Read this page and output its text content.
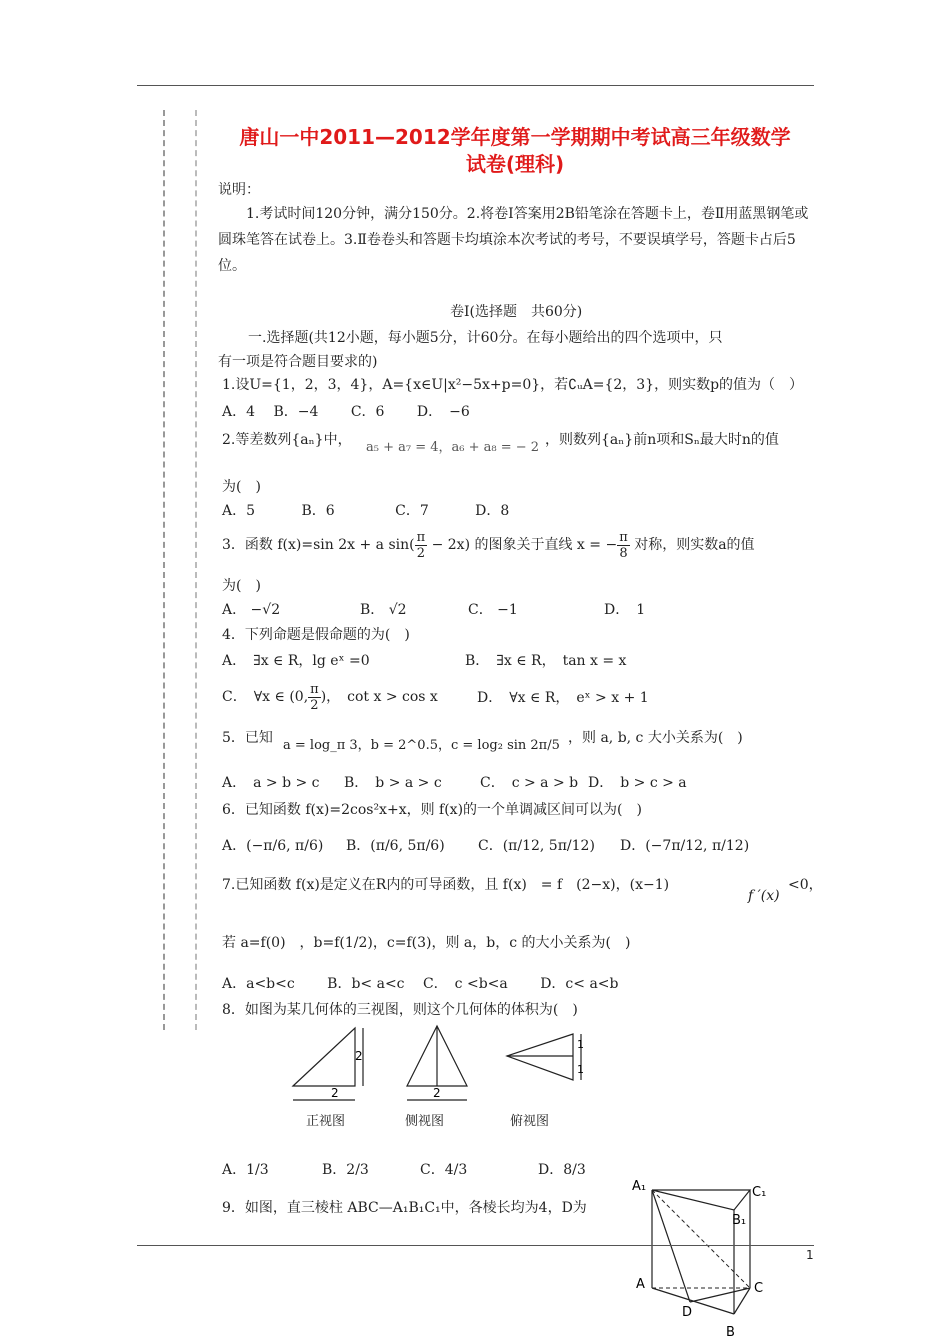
唐山一中2011—2012学年度第一学期期中考试高三年级数学
试卷(理科)
说明：
1.考试时间120分钟，满分150分。2.将卷Ⅰ答案用2B铅笔涂在答题卡上，卷Ⅱ用蓝黑钢笔或圆珠笔答在试卷上。3.Ⅱ卷卷头和答题卡均填涂本次考试的考号，不要误填学号，答题卡占后5位。
卷Ⅰ(选择题　共60分)
一.选择题(共12小题，每小题5分，计60分。在每小题给出的四个选项中，只
有一项是符合题目要求的)
1.设U={1，2，3，4}，A={x∈U|x²−5x+p=0}，若∁ᵤA={2，3}，则实数p的值为（　）
A．4　 B．−4　　 C．6　　 D．　−6
2.等差数列{aₙ}中， a₅ + a₇ = 4，a₆ + a₈ = − 2 ，则数列{aₙ}前n项和Sₙ最大时n的值
为(　)
A．5　　　 B．6　　　　 C．7　　　 D．8
3．函数 f(x)=sin 2x + a $\sin( \frac{\pi}{2} - 2x)$ 的图象关于直线 x = − $\frac{\pi}{8}$ 对称，则实数a的值
为(　)
A． −√2	B． √2	C． −1	D．　1
4．下列命题是假命题的为(　)
A．　∃x ∈ R，lg eˣ =0	B．　∃x ∈ R，　tan x = x
C．　∀x ∈ (0, $\frac{\pi}{2}$ )，　cot x > cos x	D．　∀x ∈ R，　eˣ > x + 1
5．已知 a = log_π 3，b = 2^0.5，c = log₂ sin 2π/5 ，则 a, b, c 大小关系为(　)
A．　a > b > c B．　b > a > c	C．　c > a > b D．　b > c > a
6．已知函数 f(x)=2cos²x+x，则 f(x)的一个单调减区间可以为(　)
A．(−π/6, π/6) B．(π/6, 5π/6) C．(π/12, 5π/12) D．(−7π/12, π/12)
7.已知函数 f(x)是定义在R内的可导函数，且 f(x)　= f　(2−x)，(x−1)
f ′(x)
<0，
若 a=f(0)　，b=f(1/2)，c=f(3)，则 a，b，c 的大小关系为(　)
A．a<b<c　　 B．b< a<c　 C．　c <b<a　　 D．c< a<b
8．如图为某几何体的三视图，则这个几何体的体积为(　)
2
2	2
1
1
正视图	侧视图	俯视图
A．1/3	B．2/3	C．4/3	D．8/3
9．如图，直三棱柱 ABC—A₁B₁C₁中，各棱长均为4，D为
A₁	C₁
B₁
A	C
D
B
1
